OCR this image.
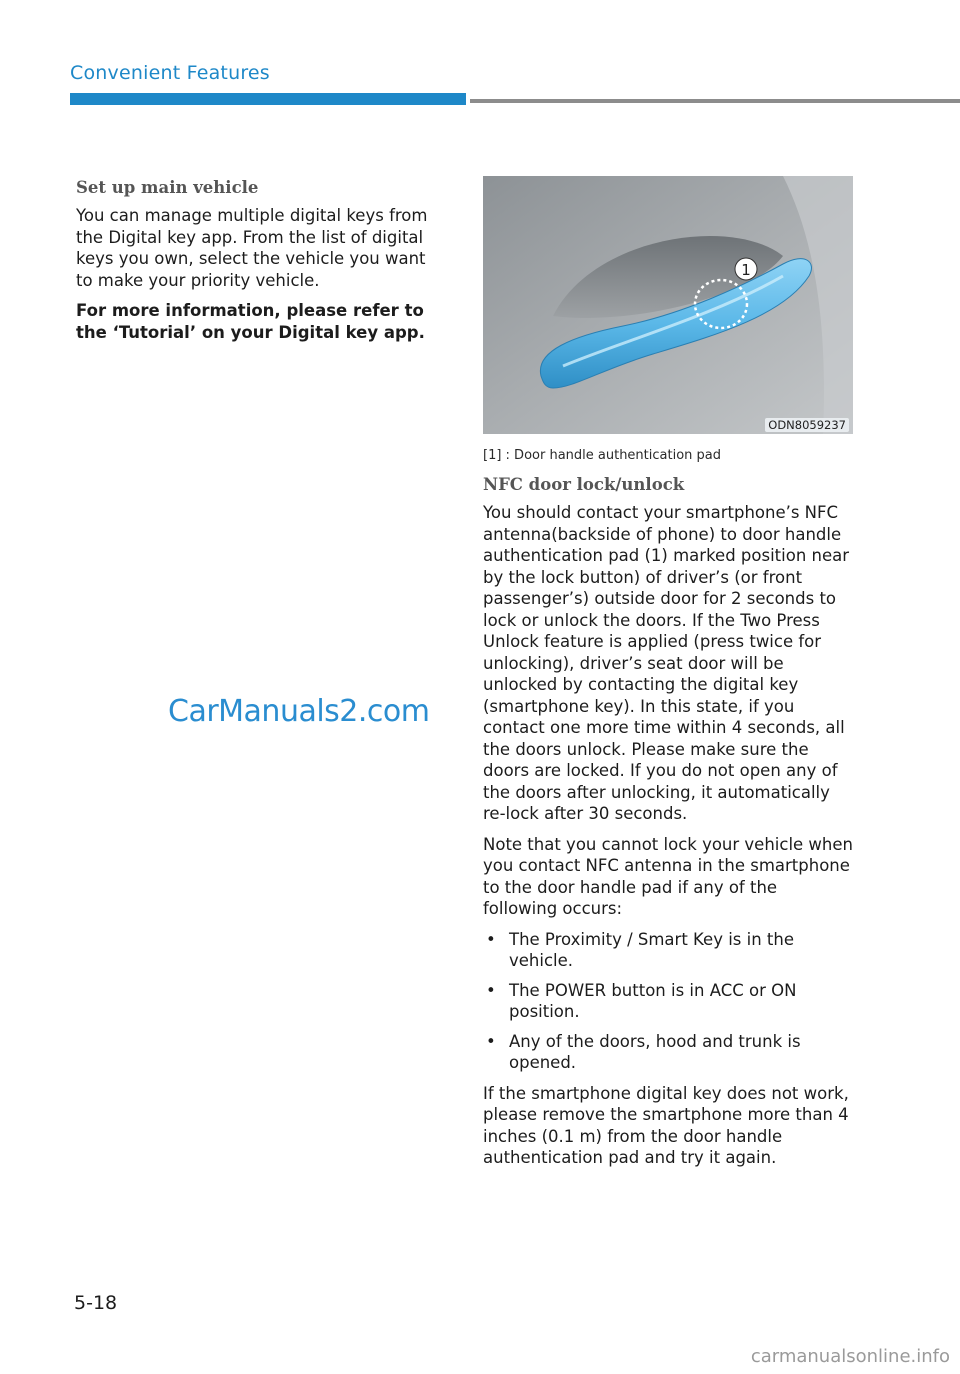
Convenient Features
Set up main vehicle

You can manage multiple digital keys from the Digital key app. From the list of digital keys you own, select the vehicle you want to make your priority vehicle.

For more information, please refer to the ‘Tutorial’ on your Digital key app.

CarManuals2.com
1
ODN8059237
[1] : Door handle authentication pad
NFC door lock/unlock

You should contact your smartphone’s NFC antenna(backside of phone) to door handle authentication pad (1) marked position near by the lock button) of driver’s (or front passenger’s) outside door for 2 seconds to lock or unlock the doors. If the Two Press Unlock feature is applied (press twice for unlocking), driver’s seat door will be unlocked by contacting the digital key (smartphone key). In this state, if you contact one more time within 4 seconds, all the doors unlock. Please make sure the doors are locked. If you do not open any of the doors after unlocking, it automatically re-lock after 30 seconds.

Note that you cannot lock your vehicle when you contact NFC antenna in the smartphone to the door handle pad if any of the following occurs:

• The Proximity / Smart Key is in the vehicle.
• The POWER button is in ACC or ON position.
• Any of the doors, hood and trunk is opened.

If the smartphone digital key does not work, please remove the smartphone more than 4 inches (0.1 m) from the door handle authentication pad and try it again.

5-18
carmanualsonline.info
